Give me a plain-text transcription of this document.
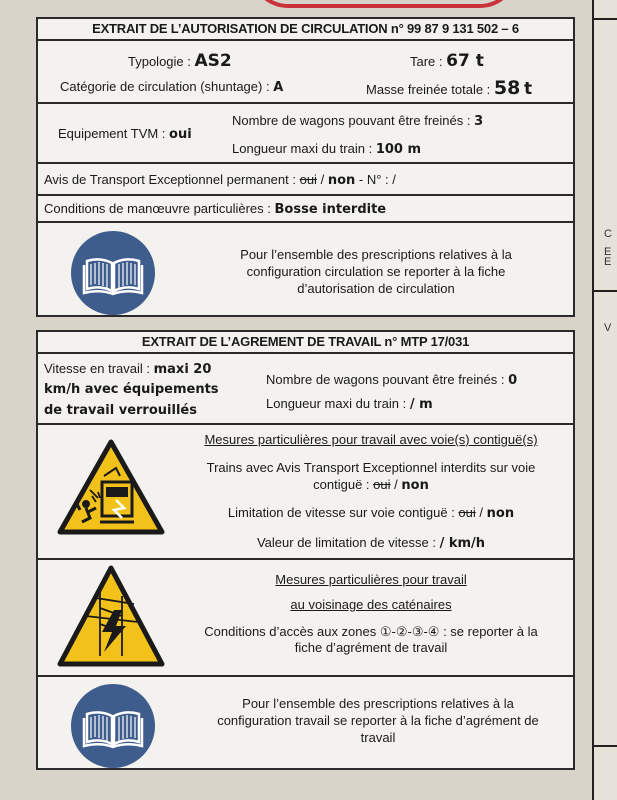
C
E
E
V
EXTRAIT DE L’AUTORISATION DE CIRCULATION n° 99 87 9 131 502 – 6
Typologie : AS2	Tare : 67 t
Catégorie de circulation (shuntage) : A	Masse freinée totale : 58 t
Nombre de wagons pouvant être freinés : 3
Equipement TVM : oui
Longueur maxi du train : 100 m
Avis de Transport Exceptionnel permanent : oui / non - N° : /
Conditions de manœuvre particulières : Bosse interdite
Pour l’ensemble des prescriptions relatives à la
configuration circulation se reporter à la fiche
d’autorisation de circulation
EXTRAIT DE L’AGREMENT DE TRAVAIL n° MTP 17/031
Vitesse en travail : maxi 20
km/h avec équipements
de travail verrouillés
Nombre de wagons pouvant être freinés : 0
Longueur maxi du train : / m
Mesures particulières pour travail avec voie(s) contiguë(s)
Trains avec Avis Transport Exceptionnel interdits sur voie
contiguë : oui / non
Limitation de vitesse sur voie contiguë : oui / non
Valeur de limitation de vitesse : / km/h
Mesures particulières pour travail
au voisinage des caténaires
Conditions d’accès aux zones ①-②-③-④ : se reporter à la
fiche d’agrément de travail
Pour l’ensemble des prescriptions relatives à la
configuration travail se reporter à la fiche d’agrément de
travail
